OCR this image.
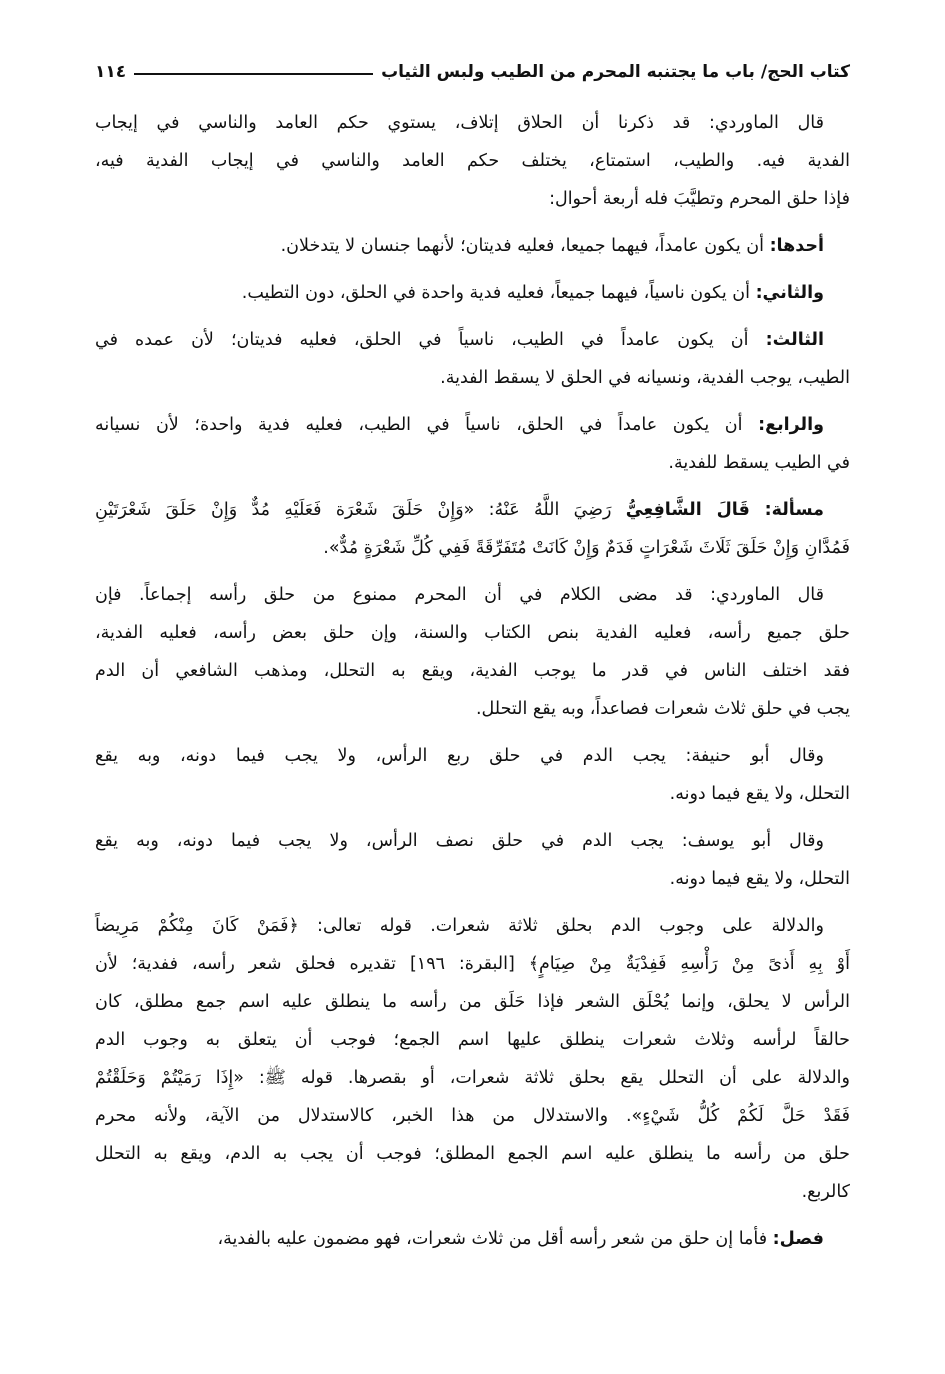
كتاب الحج/ باب ما يجتنبه المحرم من الطيب ولبس الثياب
١١٤
قال الماوردي: قد ذكرنا أن الحلاق إتلاف، يستوي حكم العامد والناسي في إيجاب
الفدية فيه. والطيب، استمتاع، يختلف حكم العامد والناسي في إيجاب الفدية فيه،
فإذا حلق المحرم وتطيَّبَ فله أربعة أحوال:
أحدها: أن يكون عامداً، فيهما جميعا، فعليه فديتان؛ لأنهما جنسان لا يتدخلان.
والثاني: أن يكون ناسياً، فيهما جميعاً، فعليه فدية واحدة في الحلق، دون التطيب.
الثالث: أن يكون عامداً في الطيب، ناسياً في الحلق، فعليه فديتان؛ لأن عمده في
الطيب، يوجب الفدية، ونسيانه في الحلق لا يسقط الفدية.
والرابع: أن يكون عامداً في الحلق، ناسياً في الطيب، فعليه فدية واحدة؛ لأن نسيانه
في الطيب يسقط للفدية.
مسألة: قَالَ الشَّافِعِيُّ رَضِيَ اللَّهُ عَنْهُ: «وَإِنْ حَلَقَ شَعْرَة فَعَلَيْهِ مُدٌّ وَإِنْ حَلَقَ شَعْرَتَيْنِ
فَمُدَّانِ وَإِنْ حَلَقَ ثَلَاثَ شَعْرَاتٍ فَدَمٌ وَإِنْ كَانَتْ مُتَفَرِّقَةً فَفِي كُلِّ شَعْرَةٍ مُدٌّ».
قال الماوردي: قد مضى الكلام في أن المحرم ممنوع من حلق رأسه إجماعاً. فإن
حلق جميع رأسه، فعليه الفدية بنص الكتاب والسنة، وإن حلق بعض رأسه، فعليه الفدية،
فقد اختلف الناس في قدر ما يوجب الفدية، ويقع به التحلل، ومذهب الشافعي أن الدم
يجب في حلق ثلاث شعرات فصاعداً، وبه يقع التحلل.
وقال أبو حنيفة: يجب الدم في حلق ربع الرأس، ولا يجب فيما دونه، وبه يقع
التحلل، ولا يقع فيما دونه.
وقال أبو يوسف: يجب الدم في حلق نصف الرأس، ولا يجب فيما دونه، وبه يقع
التحلل، ولا يقع فيما دونه.
والدلالة على وجوب الدم بحلق ثلاثة شعرات. قوله تعالى: ﴿فَمَنْ كَانَ مِنْكُمْ مَرِيضاً
أَوْ بِهِ أَذىً مِنْ رَأْسِهِ فَفِدْيَةٌ مِنْ صِيَامٍ﴾ [البقرة: ١٩٦] تقديره فحلق شعر رأسه، ففدية؛ لأن
الرأس لا يحلق، وإنما يُحْلَق الشعر فإذا حَلَق من رأسه ما ينطلق عليه اسم جمع مطلق، كان
حالقاً لرأسه وثلاث شعرات ينطلق عليها اسم الجمع؛ فوجب أن يتعلق به وجوب الدم
والدلالة على أن التحلل يقع بحلق ثلاثة شعرات، أو بقصرها. قوله ﷺ: «إِذَا رَمَيْتُمْ وَحَلَقْتُمْ
فَقَدْ حَلَّ لَكُمْ كُلُّ شَيْءٍ». والاستدلال من هذا الخبر، كالاستدلال من الآية، ولأنه محرم
حلق من رأسه ما ينطلق عليه اسم الجمع المطلق؛ فوجب أن يجب به الدم، ويقع به التحلل
كالربع.
فصل: فأما إن حلق من شعر رأسه أقل من ثلاث شعرات، فهو مضمون عليه بالفدية،
